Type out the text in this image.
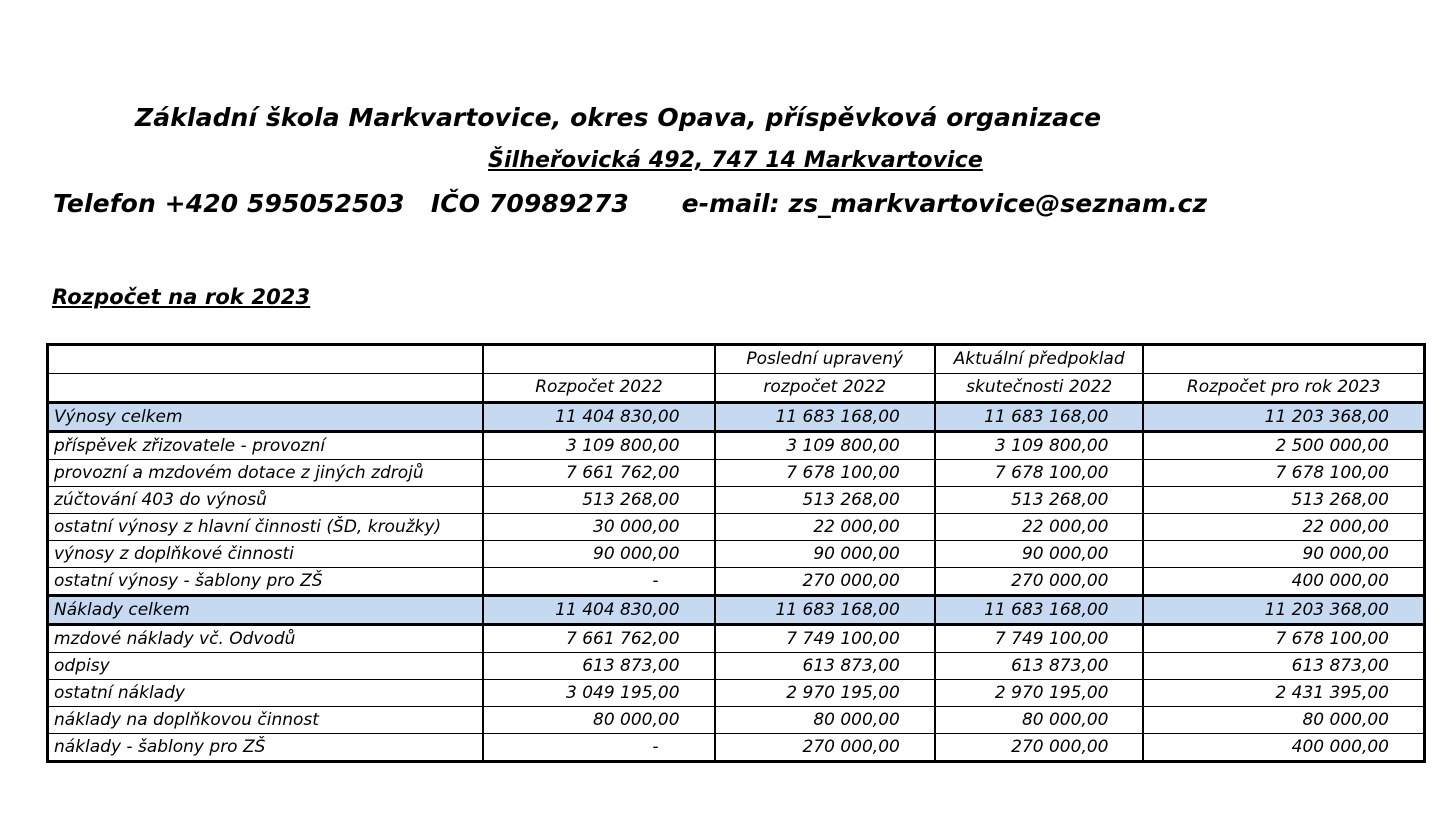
Základní škola Markvartovice, okres Opava, příspěvková organizace
Šilheřovická 492, 747 14 Markvartovice
Telefon +420 595052503   IČO 70989273      e-mail: zs_markvartovice@seznam.cz
Rozpočet na rok 2023
		Poslední upravený	Aktuální předpoklad	
	Rozpočet 2022	rozpočet 2022	skutečnosti 2022	Rozpočet pro rok 2023
Výnosy celkem	11 404 830,00	11 683 168,00	11 683 168,00	11 203 368,00
příspěvek zřizovatele - provozní	3 109 800,00	3 109 800,00	3 109 800,00	2 500 000,00
provozní a mzdovém dotace z jiných zdrojů	7 661 762,00	7 678 100,00	7 678 100,00	7 678 100,00
zúčtování 403 do výnosů	513 268,00	513 268,00	513 268,00	513 268,00
ostatní výnosy z hlavní činnosti (ŠD, kroužky)	30 000,00	22 000,00	22 000,00	22 000,00
výnosy z doplňkové činnosti	90 000,00	90 000,00	90 000,00	90 000,00
ostatní výnosy - šablony pro ZŠ	-	270 000,00	270 000,00	400 000,00
Náklady celkem	11 404 830,00	11 683 168,00	11 683 168,00	11 203 368,00
mzdové náklady vč. Odvodů	7 661 762,00	7 749 100,00	7 749 100,00	7 678 100,00
odpisy	613 873,00	613 873,00	613 873,00	613 873,00
ostatní náklady	3 049 195,00	2 970 195,00	2 970 195,00	2 431 395,00
náklady na doplňkovou činnost	80 000,00	80 000,00	80 000,00	80 000,00
náklady - šablony pro ZŠ	-	270 000,00	270 000,00	400 000,00
